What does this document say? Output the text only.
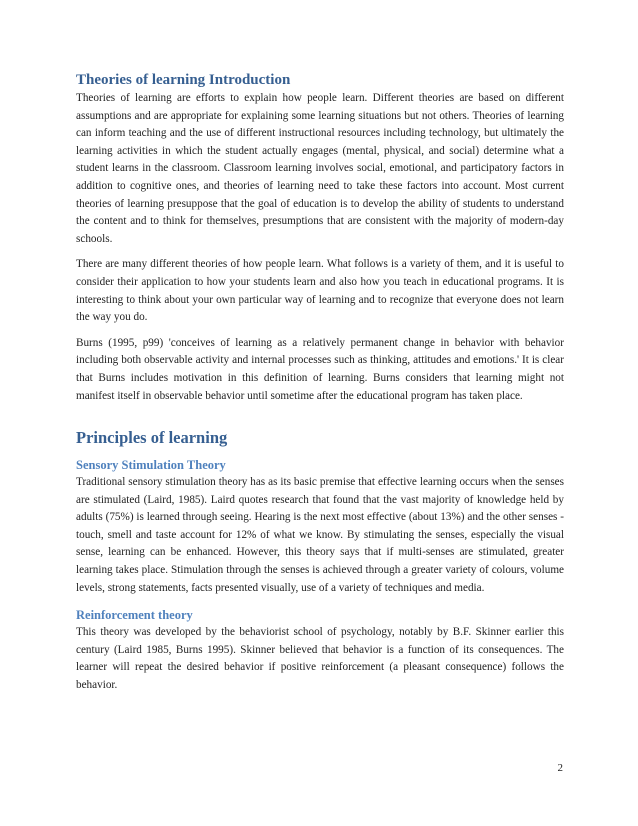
Theories of learning Introduction

Theories of learning are efforts to explain how people learn. Different theories are based on different assumptions and are appropriate for explaining some learning situations but not others. Theories of learning can inform teaching and the use of different instructional resources including technology, but ultimately the learning activities in which the student actually engages (mental, physical, and social) determine what a student learns in the classroom. Classroom learning involves social, emotional, and participatory factors in addition to cognitive ones, and theories of learning need to take these factors into account. Most current theories of learning presuppose that the goal of education is to develop the ability of students to understand the content and to think for themselves, presumptions that are consistent with the majority of modern-day schools.

There are many different theories of how people learn. What follows is a variety of them, and it is useful to consider their application to how your students learn and also how you teach in educational programs. It is interesting to think about your own particular way of learning and to recognize that everyone does not learn the way you do.

Burns (1995, p99) 'conceives of learning as a relatively permanent change in behavior with behavior including both observable activity and internal processes such as thinking, attitudes and emotions.' It is clear that Burns includes motivation in this definition of learning. Burns considers that learning might not manifest itself in observable behavior until sometime after the educational program has taken place.

Principles of learning
Sensory Stimulation Theory

Traditional sensory stimulation theory has as its basic premise that effective learning occurs when the senses are stimulated (Laird, 1985). Laird quotes research that found that the vast majority of knowledge held by adults (75%) is learned through seeing. Hearing is the next most effective (about 13%) and the other senses - touch, smell and taste account for 12% of what we know. By stimulating the senses, especially the visual sense, learning can be enhanced. However, this theory says that if multi-senses are stimulated, greater learning takes place. Stimulation through the senses is achieved through a greater variety of colours, volume levels, strong statements, facts presented visually, use of a variety of techniques and media.

Reinforcement theory

This theory was developed by the behaviorist school of psychology, notably by B.F. Skinner earlier this century (Laird 1985, Burns 1995). Skinner believed that behavior is a function of its consequences. The learner will repeat the desired behavior if positive reinforcement (a pleasant consequence) follows the behavior.

2
